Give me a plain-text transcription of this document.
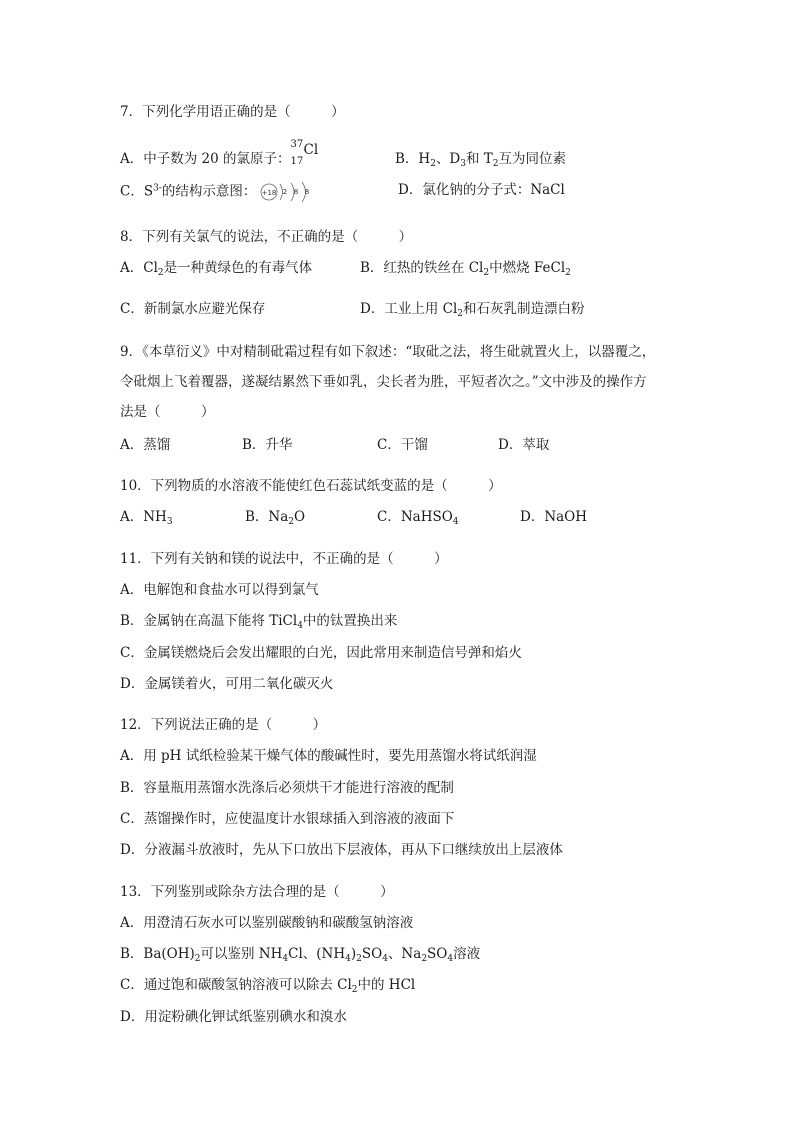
7．下列化学用语正确的是（　　　）
A．中子数为 20 的氯原子：
37
17
Cl
B．$H_2$、$D_3$和 $T_2$互为同位素
C．$S^{3-}$的结构示意图： +18 2 8 8	D．氯化钠的分子式：NaCl
8．下列有关氯气的说法，不正确的是（　　　）
A．$Cl_2$是一种黄绿色的有毒气体	B．红热的铁丝在 $Cl_2$中燃烧 FeCl$_2$
C．新制氯水应避光保存	D．工业上用 $Cl_2$和石灰乳制造漂白粉
9．《本草衍义》中对精制砒霜过程有如下叙述：“取砒之法，将生砒就置火上，以器覆之，
令砒烟上飞着覆器，遂凝结累然下垂如乳，尖长者为胜，平短者次之。”文中涉及的操作方
法是（　　　）
A．蒸馏	B．升华	C．干馏	D．萃取
10．下列物质的水溶液不能使红色石蕊试纸变蓝的是（　　　）
A．$NH_3$	B．$Na_2O$	C．NaHSO$_4$	D．NaOH
11．下列有关钠和镁的说法中，不正确的是（　　　）
A．电解饱和食盐水可以得到氯气
B．金属钠在高温下能将 TiCl$_4$中的钛置换出来
C．金属镁燃烧后会发出耀眼的白光，因此常用来制造信号弹和焰火
D．金属镁着火，可用二氧化碳灭火
12．下列说法正确的是（　　　）
A．用 pH 试纸检验某干燥气体的酸碱性时，要先用蒸馏水将试纸润湿
B．容量瓶用蒸馏水洗涤后必须烘干才能进行溶液的配制
C．蒸馏操作时，应使温度计水银球插入到溶液的液面下
D．分液漏斗放液时，先从下口放出下层液体，再从下口继续放出上层液体
13．下列鉴别或除杂方法合理的是（　　　）
A．用澄清石灰水可以鉴别碳酸钠和碳酸氢钠溶液
B．$Ba(OH)_2$可以鉴别 $NH_4Cl$、$(NH_4)_2SO_4$、$Na_2SO_4$溶液
C．通过饱和碳酸氢钠溶液可以除去 $Cl_2$中的 HCl
D．用淀粉碘化钾试纸鉴别碘水和溴水
